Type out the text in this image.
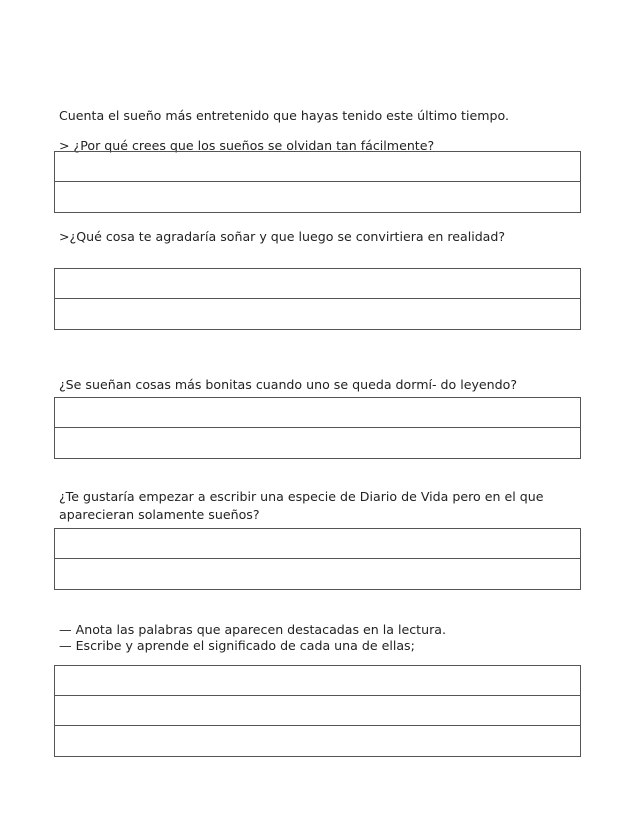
Cuenta el sueño más entretenido que hayas tenido este último tiempo.

> ¿Por qué crees que los sueños se olvidan tan fácilmente?

>¿Qué cosa te agradaría soñar y que luego se convirtiera en realidad?

¿Se sueñan cosas más bonitas cuando uno se queda dormí- do leyendo?

¿Te gustaría empezar a escribir una especie de Diario de Vida pero en el que

aparecieran solamente sueños?

— Anota las palabras que aparecen destacadas en la lectura.

— Escribe y aprende el significado de cada una de ellas;
